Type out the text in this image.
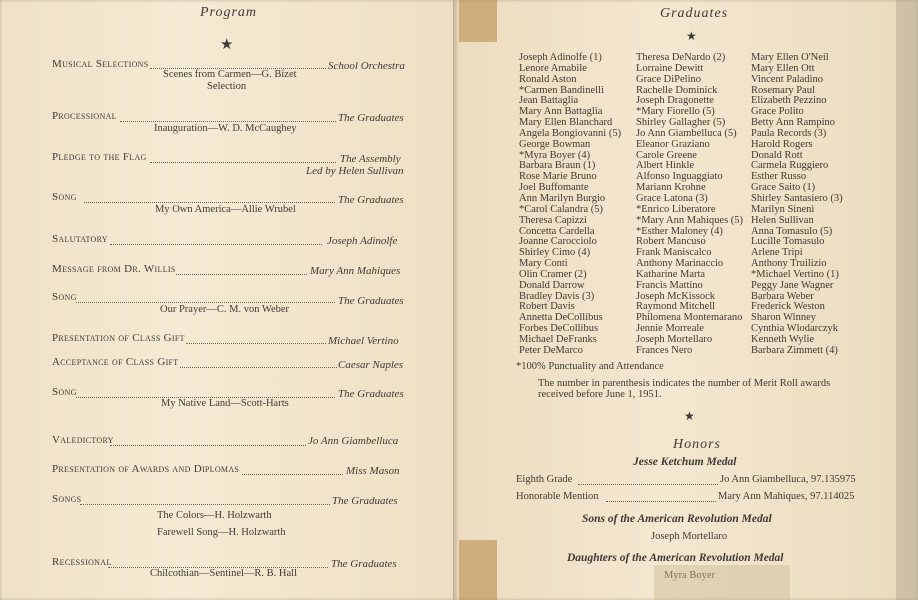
Program
★
Musical Selections	School Orchestra
Scenes from Carmen—G. Bizet
Selection
Processional	The Graduates
Inauguration—W. D. McCaughey
Pledge to the Flag	The Assembly
Led by Helen Sullivan
Song	The Graduates
My Own America—Allie Wrubel
Salutatory	Joseph Adinolfe
Message from Dr. Willis	Mary Ann Mahiques
Song	The Graduates
Our Prayer—C. M. von Weber
Presentation of Class Gift	Michael Vertino
Acceptance of Class Gift	Caesar Naples
Song	The Graduates
My Native Land—Scott-Harts
Valedictory	Jo Ann Giambelluca
Presentation of Awards and Diplomas	Miss Mason
Songs	The Graduates
The Colors—H. Holzwarth
Farewell Song—H. Holzwarth
Recessional	The Graduates
Chilcothian—Sentinel—R. B. Hall
Graduates
★
Joseph Adinolfe (1)
Lenore Amabile
Ronald Aston
*Carmen Bandinelli
Jean Battaglia
Mary Ann Battaglia
Mary Ellen Blanchard
Angela Bongiovanni (5)
George Bowman
*Myra Boyer (4)
Barbara Braun (1)
Rose Marie Bruno
Joel Buffomante
Ann Marilyn Burgio
*Carol Calandra (5)
Theresa Capizzi
Concetta Cardella
Joanne Carocciolo
Shirley Cimo (4)
Mary Conti
Olin Cramer (2)
Donald Darrow
Bradley Davis (3)
Robert Davis
Annetta DeCollibus
Forbes DeCollibus
Michael DeFranks
Peter DeMarco
Theresa DeNardo (2)
Lorraine Dewitt
Grace DiPelino
Rachelle Dominick
Joseph Dragonette
*Mary Fiorello (5)
Shirley Gallagher (5)
Jo Ann Giambelluca (5)
Eleanor Graziano
Carole Greene
Albert Hinkle
Alfonso Inguaggiato
Mariann Krohne
Grace Latona (3)
*Enrico Liberatore
*Mary Ann Mahiques (5)
*Esther Maloney (4)
Robert Mancuso
Frank Maniscalco
Anthony Marinaccio
Katharine Marta
Francis Mattino
Joseph McKissock
Raymond Mitchell
Philomena Montemarano
Jennie Morreale
Joseph Mortellaro
Frances Nero
Mary Ellen O'Neil
Mary Ellen Ott
Vincent Paladino
Rosemary Paul
Elizabeth Pezzino
Grace Polito
Betty Ann Rampino
Paula Records (3)
Harold Rogers
Donald Rott
Carmela Ruggiero
Esther Russo
Grace Saito (1)
Shirley Santasiero (3)
Marilyn Sineni
Helen Sullivan
Anna Tomasulo (5)
Lucille Tomasulo
Arlene Tripi
Anthony Truilizio
*Michael Vertino (1)
Peggy Jane Wagner
Barbara Weber
Frederick Weston
Sharon Winney
Cynthia Wlodarczyk
Kenneth Wylie
Barbara Zimmett (4)
*100% Punctuality and Attendance
The number in parenthesis indicates the number of Merit Roll awards received before June 1, 1951.
★
Honors
Jesse Ketchum Medal
Eighth Grade	Jo Ann Giambelluca, 97.135975
Honorable Mention	Mary Ann Mahiques, 97.114025
Sons of the American Revolution Medal
Joseph Mortellaro
Daughters of the American Revolution Medal
Myra Boyer
